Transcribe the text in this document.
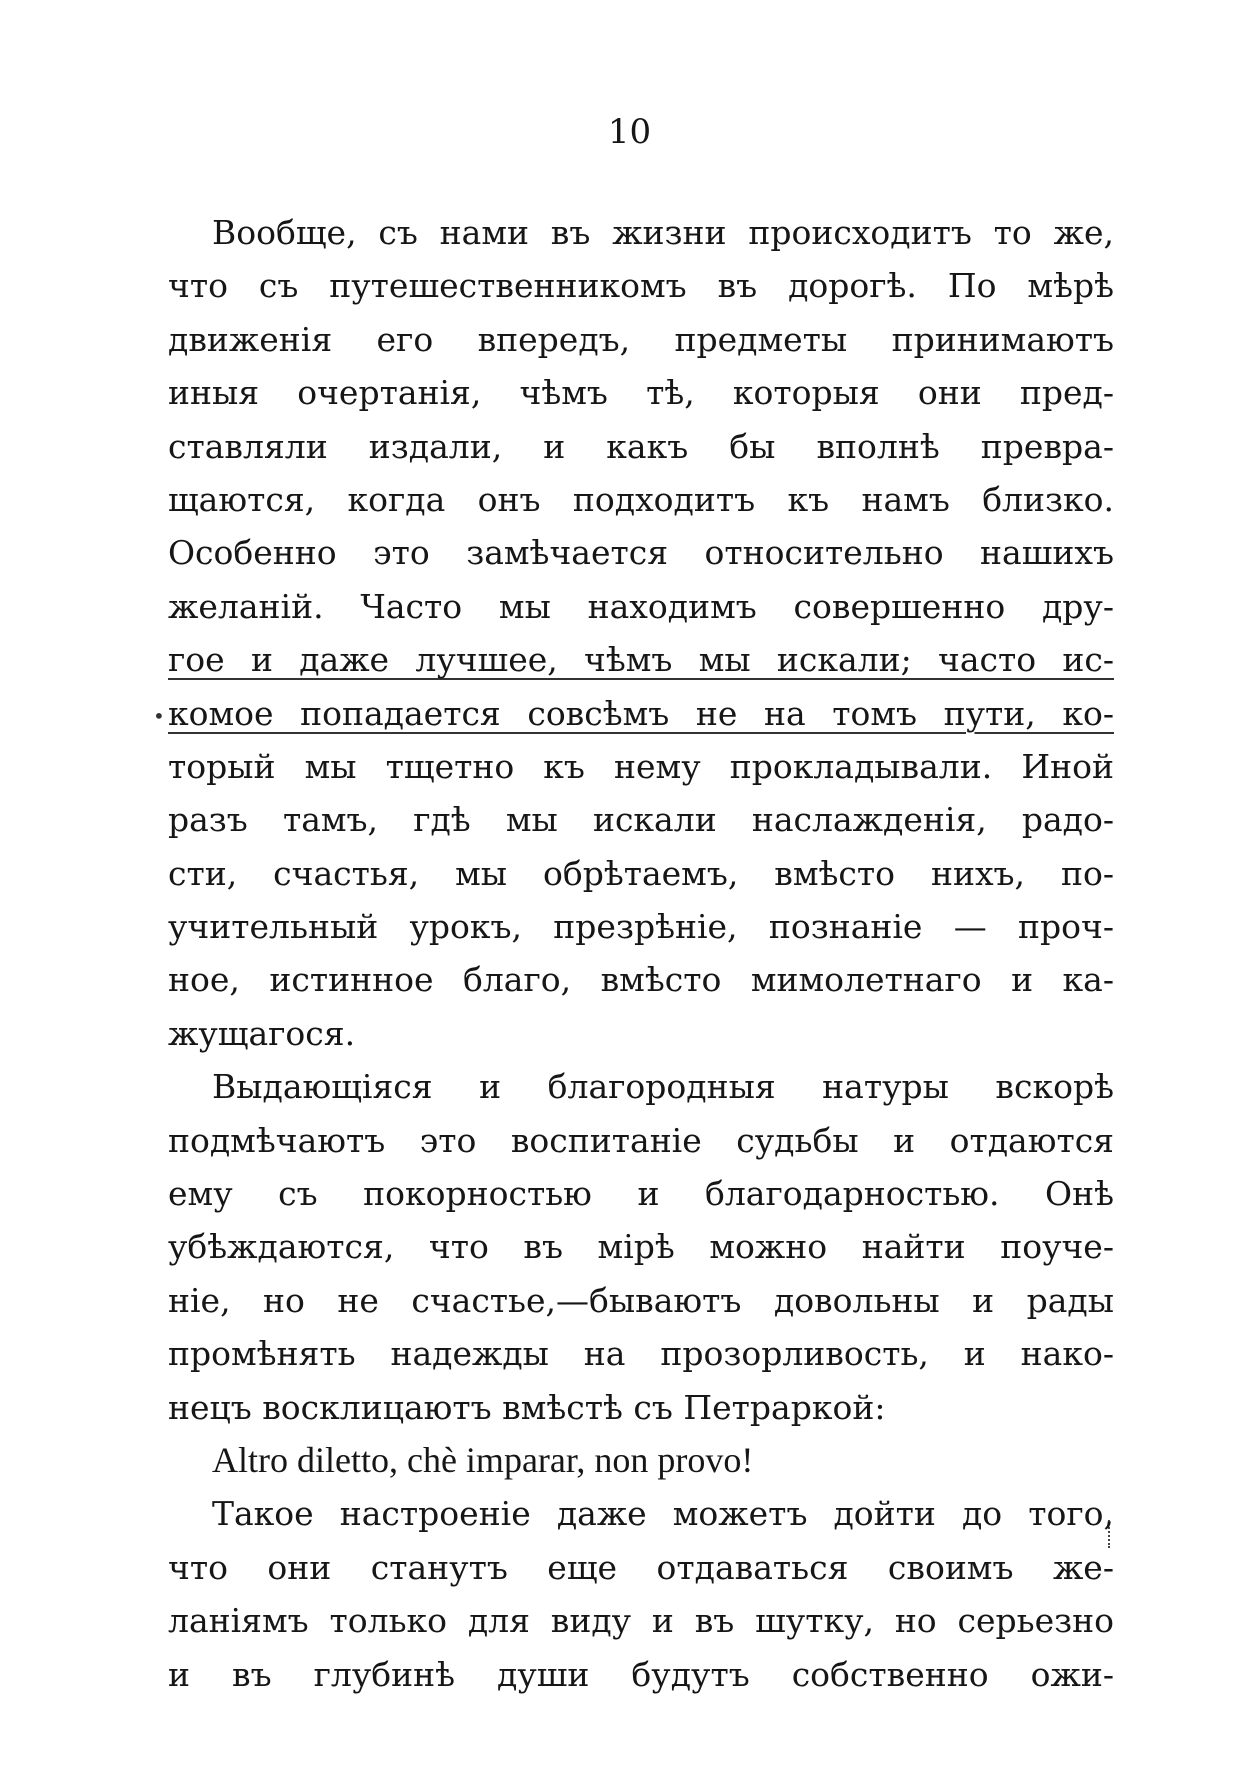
10
•
Вообще, съ нами въ жизни происходитъ то же,
что съ путешественникомъ въ дорогѣ. По мѣрѣ
движенія его впередъ, предметы принимаютъ
иныя очертанія, чѣмъ тѣ, которыя они пред-
ставляли издали, и какъ бы вполнѣ превра-
щаются, когда онъ подходитъ къ намъ близко.
Особенно это замѣчается относительно нашихъ
желаній. Часто мы находимъ совершенно дру-
гое и даже лучшее, чѣмъ мы искали; часто ис-
комое попадается совсѣмъ не на томъ пути, ко-
торый мы тщетно къ нему прокладывали. Иной
разъ тамъ, гдѣ мы искали наслажденія, радо-
сти, счастья, мы обрѣтаемъ, вмѣсто нихъ, по-
учительный урокъ, презрѣніе, познаніе — проч-
ное, истинное благо, вмѣсто мимолетнаго и ка-
жущагося.
Выдающіяся и благородныя натуры вскорѣ
подмѣчаютъ это воспитаніе судьбы и отдаются
ему съ покорностью и благодарностью. Онѣ
убѣждаются, что въ мірѣ можно найти поуче-
ніе, но не счастье,—бываютъ довольны и рады
промѣнять надежды на прозорливость, и нако-
нецъ восклицаютъ вмѣстѣ съ Петраркой:
Altro diletto, chè imparar, non provo!
Такое настроеніе даже можетъ дойти до того,
что они станутъ еще отдаваться своимъ же-
ланіямъ только для виду и въ шутку, но серьезно
и въ глубинѣ души будутъ собственно ожи-
